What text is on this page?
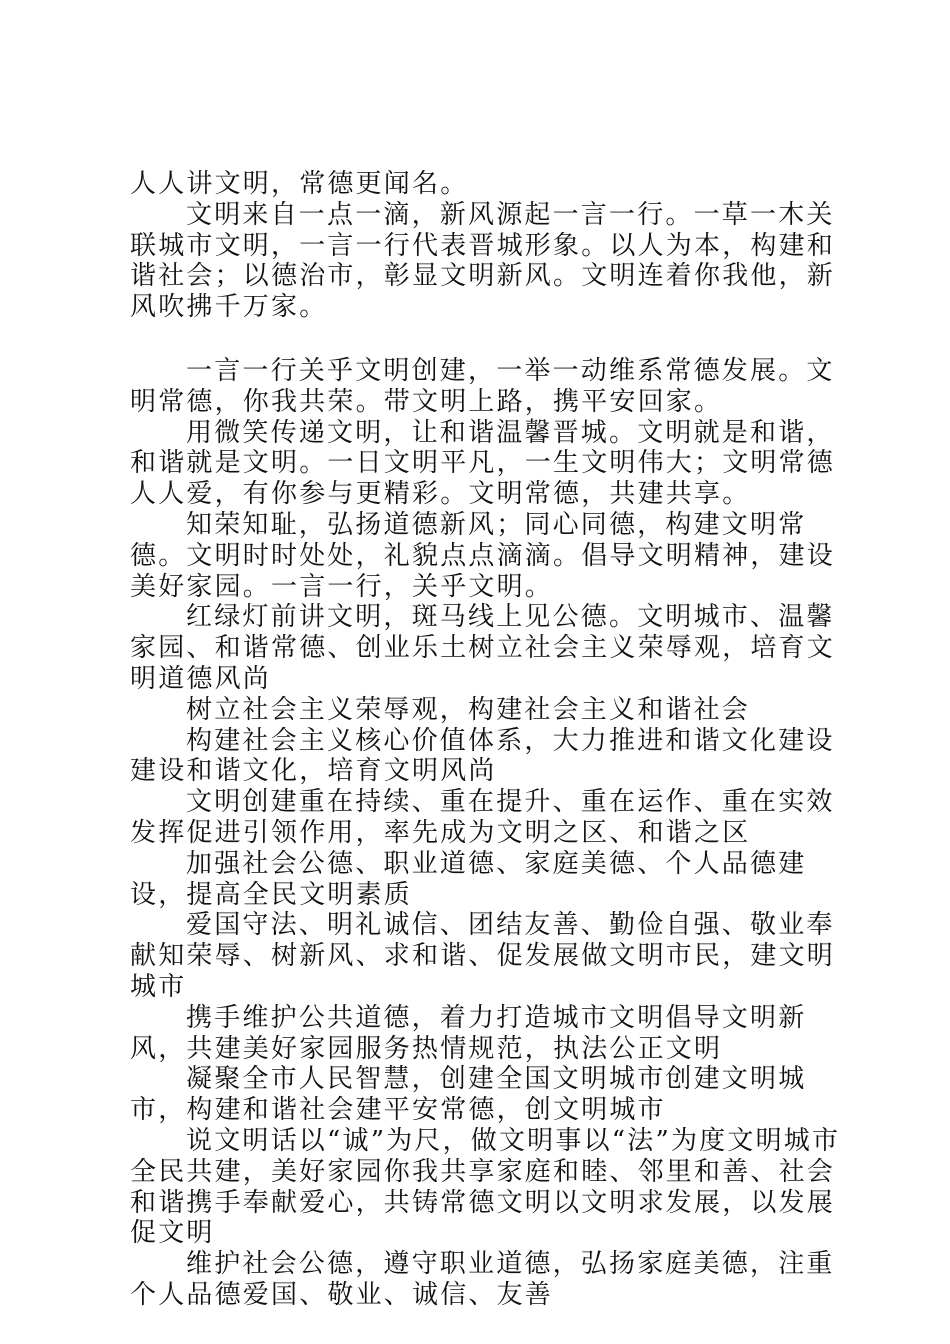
人人讲文明，常德更闻名。

文明来自一点一滴，新风源起一言一行。一草一木关联城市文明，一言一行代表晋城形象。以人为本，构建和谐社会；以德治市，彰显文明新风。文明连着你我他，新风吹拂千万家。

一言一行关乎文明创建，一举一动维系常德发展。文明常德，你我共荣。带文明上路，携平安回家。

用微笑传递文明，让和谐温馨晋城。文明就是和谐，和谐就是文明。一日文明平凡，一生文明伟大；文明常德人人爱，有你参与更精彩。文明常德，共建共享。

知荣知耻，弘扬道德新风；同心同德，构建文明常德。文明时时处处，礼貌点点滴滴。倡导文明精神，建设美好家园。一言一行，关乎文明。

红绿灯前讲文明，斑马线上见公德。文明城市、温馨家园、和谐常德、创业乐土树立社会主义荣辱观，培育文明道德风尚

树立社会主义荣辱观，构建社会主义和谐社会

构建社会主义核心价值体系，大力推进和谐文化建设建设和谐文化，培育文明风尚

文明创建重在持续、重在提升、重在运作、重在实效发挥促进引领作用，率先成为文明之区、和谐之区

加强社会公德、职业道德、家庭美德、个人品德建设，提高全民文明素质

爱国守法、明礼诚信、团结友善、勤俭自强、敬业奉献知荣辱、树新风、求和谐、促发展做文明市民，建文明城市

携手维护公共道德，着力打造城市文明倡导文明新风，共建美好家园服务热情规范，执法公正文明

凝聚全市人民智慧，创建全国文明城市创建文明城市，构建和谐社会建平安常德，创文明城市

说文明话以“诚”为尺，做文明事以“法”为度文明城市全民共建，美好家园你我共享家庭和睦、邻里和善、社会和谐携手奉献爱心，共铸常德文明以文明求发展，以发展促文明

维护社会公德，遵守职业道德，弘扬家庭美德，注重个人品德爱国、敬业、诚信、友善
